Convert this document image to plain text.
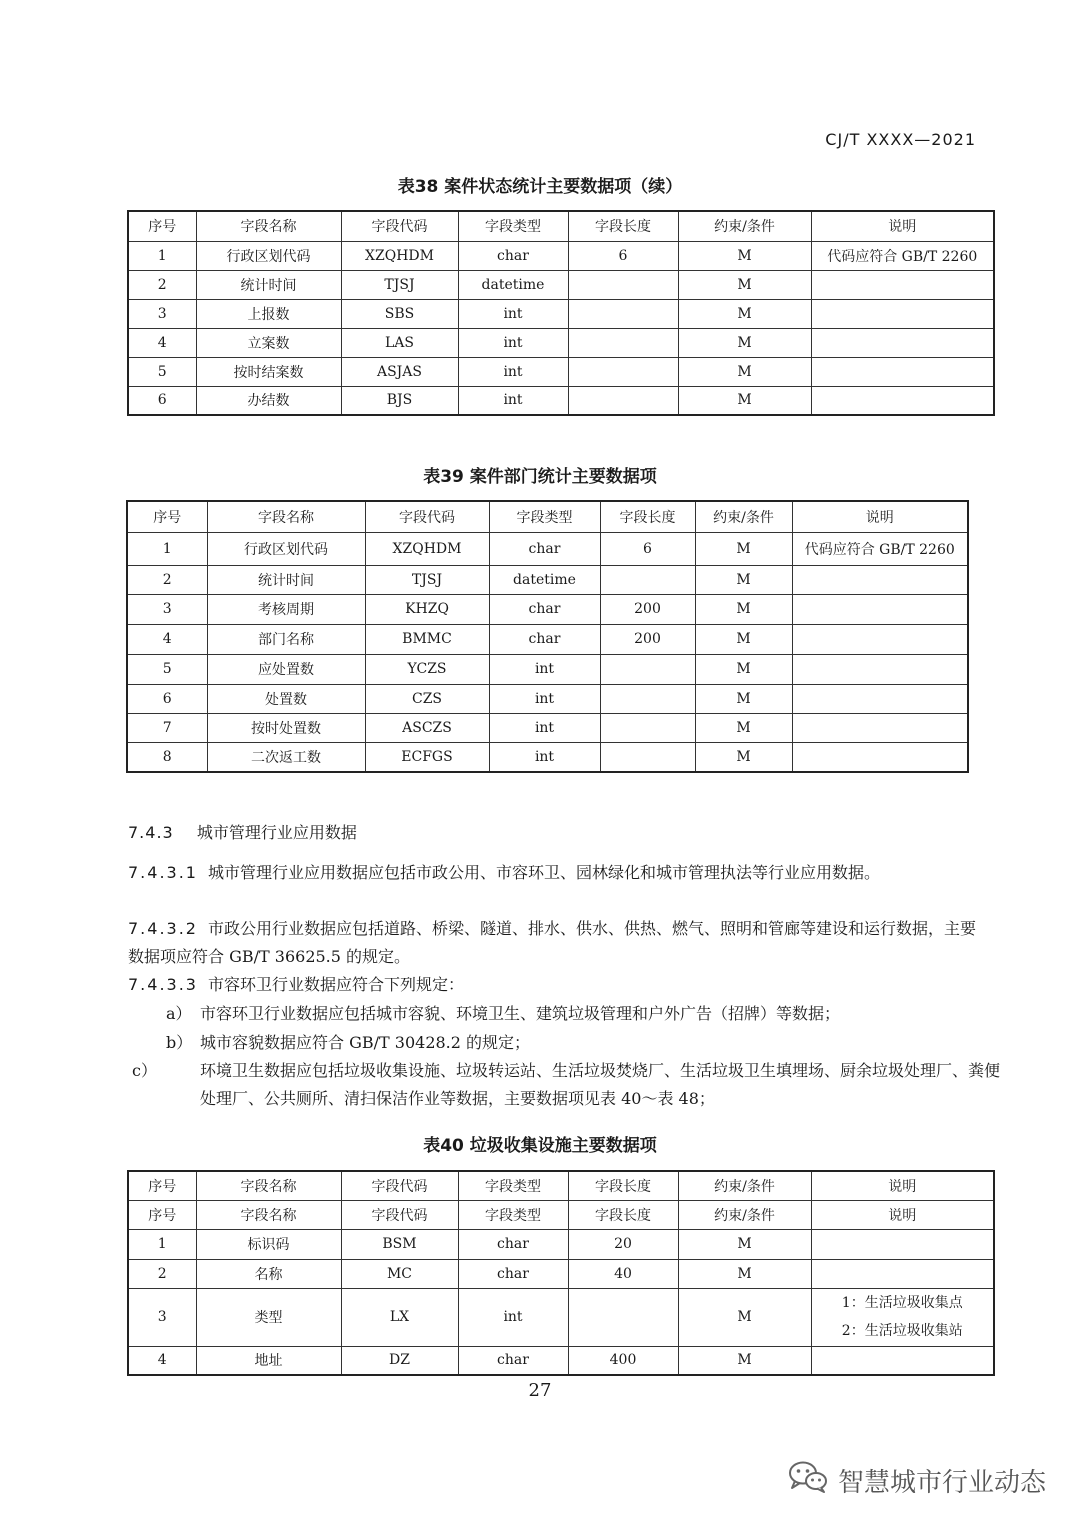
CJ/T XXXX—2021
表38 案件状态统计主要数据项（续）
序号	字段名称	字段代码	字段类型	字段长度	约束/条件	说明
1	行政区划代码	XZQHDM	char	6	M	代码应符合 GB/T 2260
2	统计时间	TJSJ	datetime		M	
3	上报数	SBS	int		M	
4	立案数	LAS	int		M	
5	按时结案数	ASJAS	int		M	
6	办结数	BJS	int		M	
表39 案件部门统计主要数据项
序号	字段名称	字段代码	字段类型	字段长度	约束/条件	说明
1	行政区划代码	XZQHDM	char	6	M	代码应符合 GB/T 2260
2	统计时间	TJSJ	datetime		M	
3	考核周期	KHZQ	char	200	M	
4	部门名称	BMMC	char	200	M	
5	应处置数	YCZS	int		M	
6	处置数	CZS	int		M	
7	按时处置数	ASCZS	int		M	
8	二次返工数	ECFGS	int		M	
7.4.3 城市管理行业应用数据

7.4.3.1 城市管理行业应用数据应包括市政公用、市容环卫、园林绿化和城市管理执法等行业应用数据。

7.4.3.2 市政公用行业数据应包括道路、桥梁、隧道、排水、供水、供热、燃气、照明和管廊等建设和运行数据，主要数据项应符合 GB/T 36625.5 的规定。

7.4.3.3 市容环卫行业数据应符合下列规定：

a） 市容环卫行业数据应包括城市容貌、环境卫生、建筑垃圾管理和户外广告（招牌）等数据；

b） 城市容貌数据应符合 GB/T 30428.2 的规定；

c）	环境卫生数据应包括垃圾收集设施、垃圾转运站、生活垃圾焚烧厂、生活垃圾卫生填埋场、厨余垃圾处理厂、粪便处理厂、公共厕所、清扫保洁作业等数据，主要数据项见表 40～表 48；

表40 垃圾收集设施主要数据项
序号	字段名称	字段代码	字段类型	字段长度	约束/条件	说明
序号	字段名称	字段代码	字段类型	字段长度	约束/条件	说明
1	标识码	BSM	char	20	M	
2	名称	MC	char	40	M	
3	类型	LX	int		M	1：生活垃圾收集点
2：生活垃圾收集站

4	地址	DZ	char	400	M	
27
智慧城市行业动态
